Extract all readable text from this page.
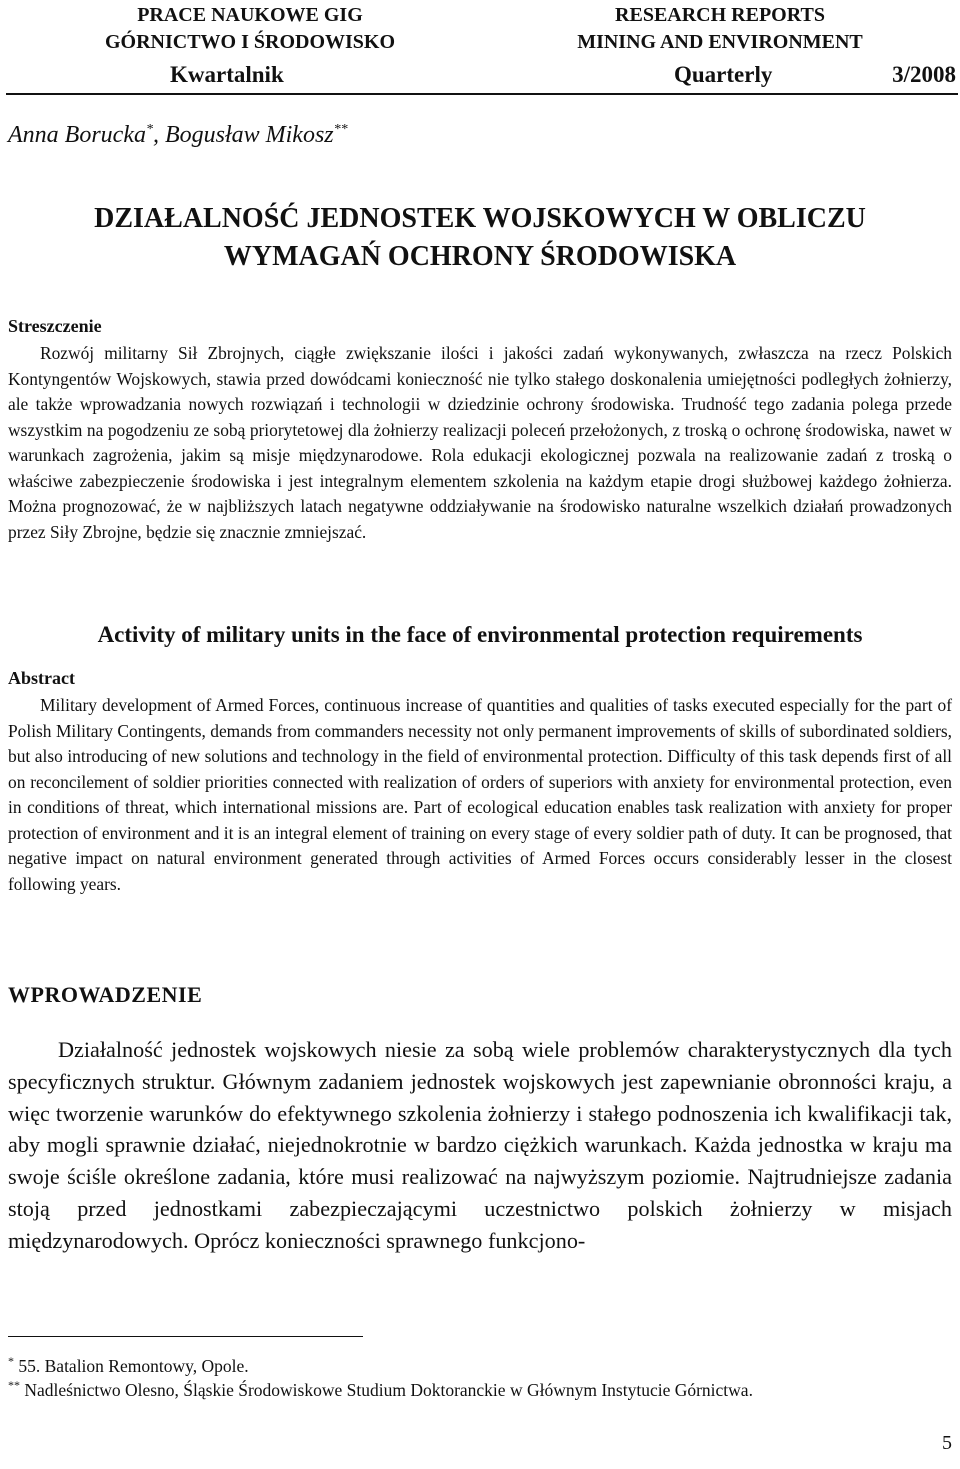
PRACE NAUKOWE GIG
GÓRNICTWO I ŚRODOWISKO
RESEARCH REPORTS
MINING AND ENVIRONMENT
Kwartalnik	Quarterly	3/2008
Anna Borucka*, Bogusław Mikosz**
DZIAŁALNOŚĆ JEDNOSTEK WOJSKOWYCH W OBLICZU
WYMAGAŃ OCHRONY ŚRODOWISKA
Streszczenie
Rozwój militarny Sił Zbrojnych, ciągłe zwiększanie ilości i jakości zadań wykonywanych, zwłaszcza na rzecz Polskich Kontyngentów Wojskowych, stawia przed dowódcami konieczność nie tylko stałego doskonalenia umiejętności podległych żołnierzy, ale także wprowadzania nowych rozwiązań i technologii w dziedzinie ochrony środowiska. Trudność tego zadania polega przede wszystkim na pogodzeniu ze sobą priorytetowej dla żołnierzy realizacji poleceń przełożonych, z troską o ochronę środowiska, nawet w warunkach zagrożenia, jakim są misje międzynarodowe. Rola edukacji ekologicznej pozwala na realizowanie zadań z troską o właściwe zabezpieczenie środowiska i jest integralnym elementem szkolenia na każdym etapie drogi służbowej każdego żołnierza. Można prognozować, że w najbliższych latach negatywne oddziaływanie na środowisko naturalne wszelkich działań prowadzonych przez Siły Zbrojne, będzie się znacznie zmniejszać.
Activity of military units in the face of environmental protection requirements
Abstract
Military development of Armed Forces, continuous increase of quantities and qualities of tasks executed especially for the part of Polish Military Contingents, demands from commanders necessity not only permanent improvements of skills of subordinated soldiers, but also introducing of new solutions and technology in the field of environmental protection. Difficulty of this task depends first of all on reconcilement of soldier priorities connected with realization of orders of superiors with anxiety for environmental protection, even in conditions of threat, which international missions are. Part of ecological education enables task realization with anxiety for proper protection of environment and it is an integral element of training on every stage of every soldier path of duty. It can be prognosed, that negative impact on natural environment generated through activities of Armed Forces occurs considerably lesser in the closest following years.
WPROWADZENIE
Działalność jednostek wojskowych niesie za sobą wiele problemów charakterystycznych dla tych specyficznych struktur. Głównym zadaniem jednostek wojskowych jest zapewnianie obronności kraju, a więc tworzenie warunków do efektywnego szkolenia żołnierzy i stałego podnoszenia ich kwalifikacji tak, aby mogli sprawnie działać, niejednokrotnie w bardzo ciężkich warunkach. Każda jednostka w kraju ma swoje ściśle określone zadania, które musi realizować na najwyższym poziomie. Najtrudniejsze zadania stoją przed jednostkami zabezpieczającymi uczestnictwo polskich żołnierzy w misjach międzynarodowych. Oprócz konieczności sprawnego funkcjono-
* 55. Batalion Remontowy, Opole.
** Nadleśnictwo Olesno, Śląskie Środowiskowe Studium Doktoranckie w Głównym Instytucie Górnictwa.
5
